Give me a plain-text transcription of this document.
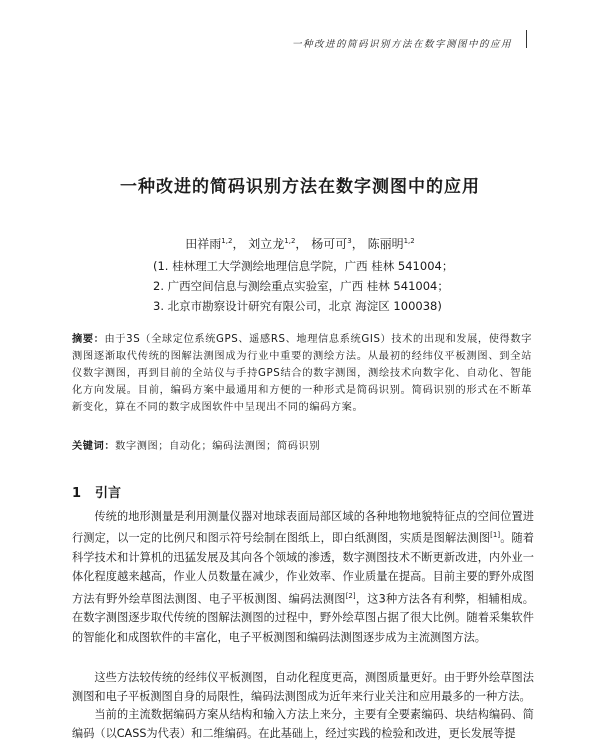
一种改进的简码识别方法在数字测图中的应用
一种改进的简码识别方法在数字测图中的应用
田祥雨$^{1,2}$， 刘立龙$^{1,2}$， 杨可可$^3$， 陈丽明$^{1,2}$
(1. 桂林理工大学测绘地理信息学院，广西 桂林 541004；
2. 广西空间信息与测绘重点实验室，广西 桂林 541004；
3. 北京市勘察设计研究有限公司，北京 海淀区 100038)
摘要：由于3S（全球定位系统GPS、遥感RS、地理信息系统GIS）技术的出现和发展，使得数字测图逐渐取代传统的图解法测图成为行业中重要的测绘方法。从最初的经纬仪平板测图、到全站仪数字测图，再到目前的全站仪与手持GPS结合的数字测图，测绘技术向数字化、自动化、智能化方向发展。目前，编码方案中最通用和方便的一种形式是简码识别。简码识别的形式在不断革新变化，算在不同的数字成图软件中呈现出不同的编码方案。
关键词：数字测图；自动化；编码法测图；简码识别
1 引言
传统的地形测量是利用测量仪器对地球表面局部区域的各种地物地貌特征点的空间位置进行测定，以一定的比例尺和图示符号绘制在图纸上，即白纸测图，实质是图解法测图[1]。随着科学技术和计算机的迅猛发展及其向各个领域的渗透，数字测图技术不断更新改进，内外业一体化程度越来越高，作业人员数量在减少，作业效率、作业质量在提高。目前主要的野外成图方法有野外绘草图法测图、电子平板测图、编码法测图[2]，这3种方法各有利弊，相辅相成。在数字测图逐步取代传统的图解法测图的过程中，野外绘草图占据了很大比例。随着采集软件的智能化和成图软件的丰富化，电子平板测图和编码法测图逐步成为主流测图方法。
这些方法较传统的经纬仪平板测图，自动化程度更高，测图质量更好。由于野外绘草图法测图和电子平板测图自身的局限性，编码法测图成为近年来行业关注和应用最多的一种方法。
当前的主流数据编码方案从结构和输入方法上来分，主要有全要素编码、块结构编码、简编码（以CASS为代表）和二维编码。在此基础上，经过实践的检验和改进，更长发展等提
